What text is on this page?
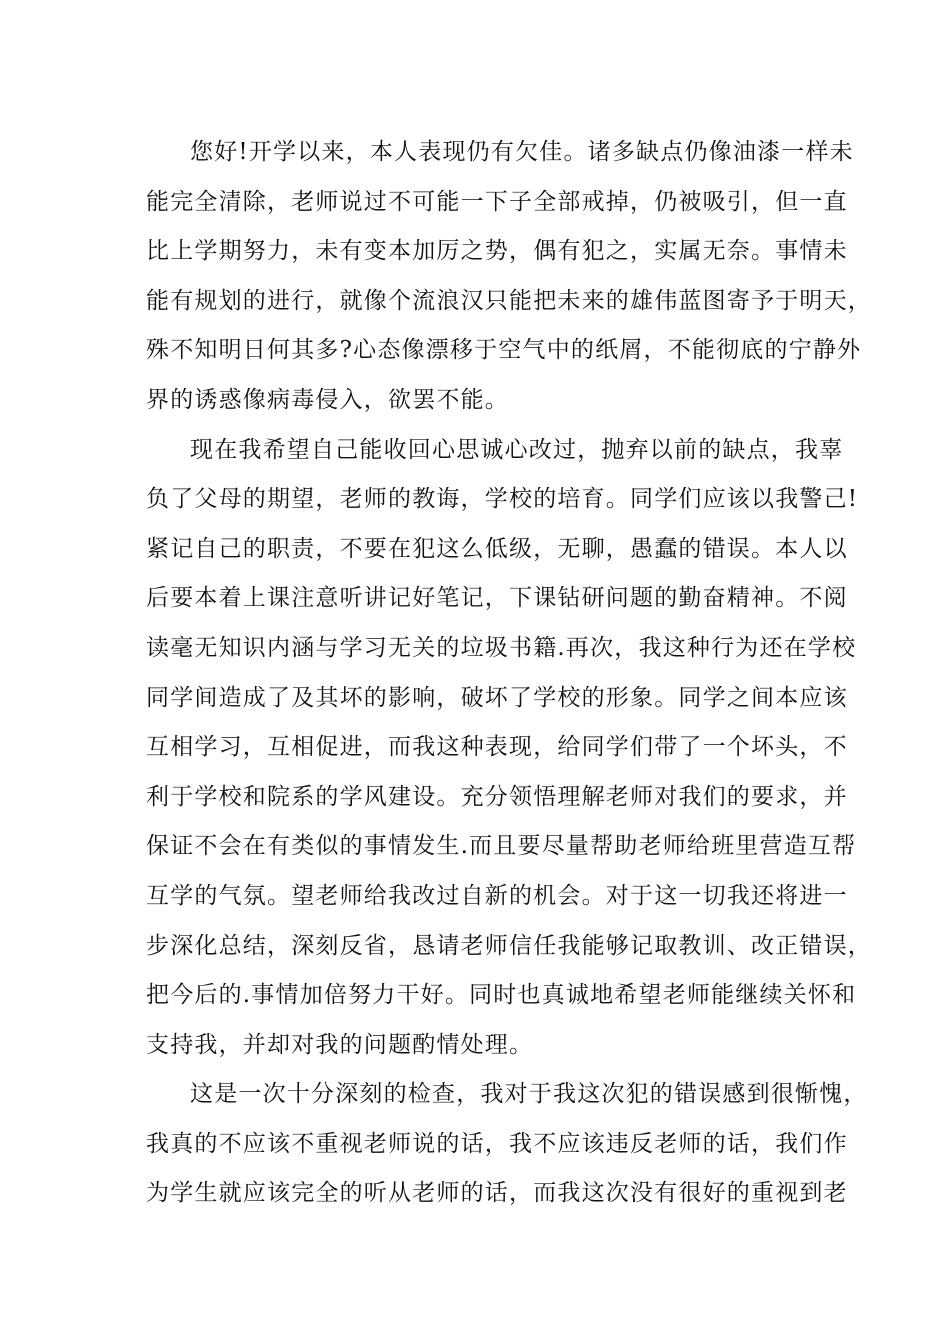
您好!开学以来，本人表现仍有欠佳。诸多缺点仍像油漆一样未
能完全清除，老师说过不可能一下子全部戒掉，仍被吸引，但一直
比上学期努力，未有变本加厉之势，偶有犯之，实属无奈。事情未
能有规划的进行，就像个流浪汉只能把未来的雄伟蓝图寄予于明天，
殊不知明日何其多?心态像漂移于空气中的纸屑，不能彻底的宁静外
界的诱惑像病毒侵入，欲罢不能。
现在我希望自己能收回心思诚心改过，抛弃以前的缺点，我辜
负了父母的期望，老师的教诲，学校的培育。同学们应该以我警己!
紧记自己的职责，不要在犯这么低级，无聊，愚蠢的错误。本人以
后要本着上课注意听讲记好笔记，下课钻研问题的勤奋精神。不阅
读毫无知识内涵与学习无关的垃圾书籍.再次，我这种行为还在学校
同学间造成了及其坏的影响，破坏了学校的形象。同学之间本应该
互相学习，互相促进，而我这种表现，给同学们带了一个坏头，不
利于学校和院系的学风建设。充分领悟理解老师对我们的要求，并
保证不会在有类似的事情发生.而且要尽量帮助老师给班里营造互帮
互学的气氛。望老师给我改过自新的机会。对于这一切我还将进一
步深化总结，深刻反省，恳请老师信任我能够记取教训、改正错误，
把今后的.事情加倍努力干好。同时也真诚地希望老师能继续关怀和
支持我，并却对我的问题酌情处理。
这是一次十分深刻的检查，我对于我这次犯的错误感到很惭愧，
我真的不应该不重视老师说的话，我不应该违反老师的话，我们作
为学生就应该完全的听从老师的话，而我这次没有很好的重视到老
